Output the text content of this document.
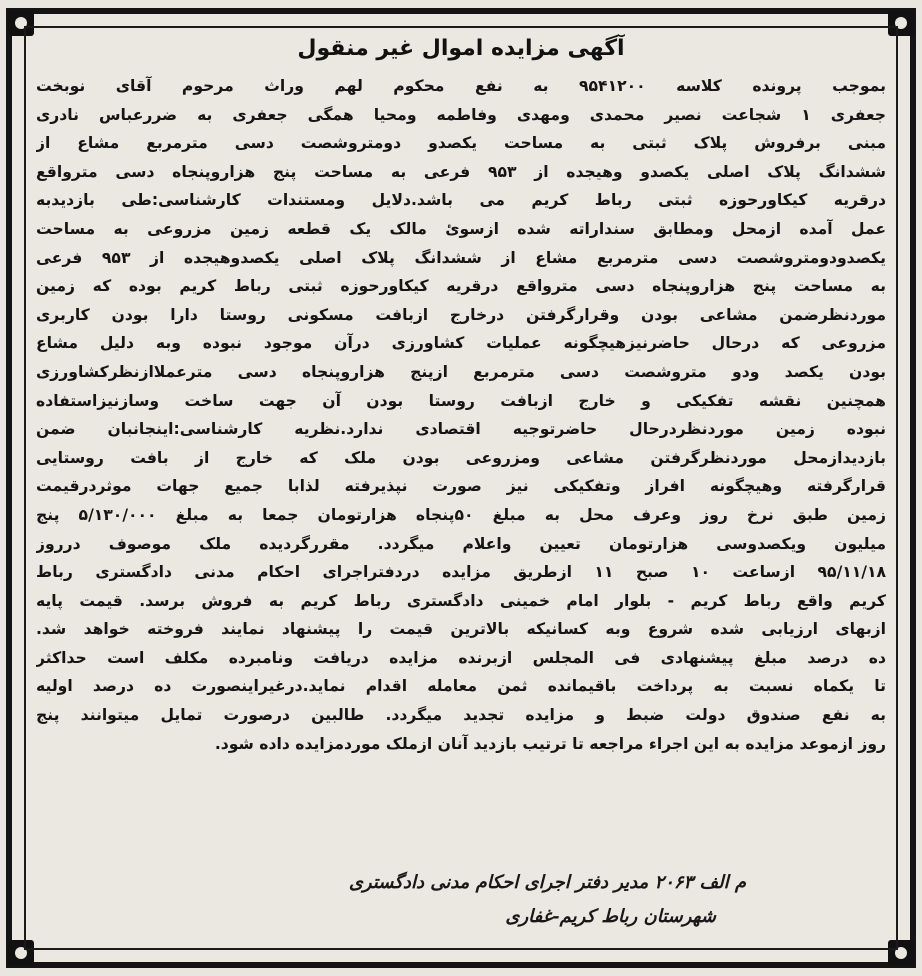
آگهی مزایده اموال غیر منقول
بموجب پرونده کلاسه ۹۵۴۱۲۰۰ به نفع محکوم لهم وراث مرحوم آقای نوبخت
جعفری ۱ شجاعت نصیر محمدی ومهدی وفاطمه ومحیا همگی جعفری به ضررعباس نادری
مبنی برفروش پلاک ثبتی به مساحت یکصدو دومتروشصت دسی مترمربع مشاع از
ششدانگ پلاک اصلی یکصدو وهیجده از ۹۵۳ فرعی به مساحت پنج هزاروپنجاه دسی مترواقع
درقریه کیکاورحوزه ثبتی رباط کریم می باشد.دلایل ومستندات کارشناسی:طی بازدیدبه
عمل آمده ازمحل ومطابق سنداراته شده ازسویٔ مالک یک قطعه زمین مزروعی به مساحت
یکصدودومتروشصت دسی مترمربع مشاع از ششدانگ پلاک اصلی یکصدوهیجده از ۹۵۳ فرعی
به مساحت پنج هزاروپنجاه دسی مترواقع درقریه کیکاورحوزه ثبتی رباط کریم بوده که زمین
موردنظرضمن مشاعی بودن وقرارگرفتن درخارج ازبافت مسکونی روستا دارا بودن کاربری
مزروعی که درحال حاضرنیزهیچگونه عملیات کشاورزی درآن موجود نبوده وبه دلیل مشاع
بودن یکصد ودو متروشصت دسی مترمربع ازپنج هزاروپنجاه دسی مترعملاازنظرکشاورزی
همچنین نقشه تفکیکی و خارج ازبافت روستا بودن آن جهت ساخت وسازنیزاستفاده
نبوده زمین موردنظردرحال حاضرتوجیه اقتصادی ندارد.نظریه کارشناسی:اینجانبان ضمن
بازدیدازمحل موردنظرگرفتن مشاعی ومزروعی بودن ملک که خارج از بافت روستایی
قرارگرفته وهیچگونه افراز وتفکیکی نیز صورت نپذیرفته لذابا جمیع جهات موثردرقیمت
زمین طبق نرخ روز وعرف محل به مبلغ ۵۰پنجاه هزارتومان جمعا به مبلغ ۵/۱۳۰/۰۰۰ پنج
میلیون ویکصدوسی هزارتومان تعیین واعلام میگردد. مقررگردیده ملک موصوف درروز
۹۵/۱۱/۱۸ ازساعت ۱۰ صبح ۱۱ ازطریق مزایده دردفتراجرای احکام مدنی دادگستری رباط
کریم واقع رباط کریم - بلوار امام خمینی دادگستری رباط کریم به فروش برسد. قیمت پایه
ازبهای ارزیابی شده شروع وبه کسانیکه بالاترین قیمت را پیشنهاد نمایند فروخته خواهد شد.
ده درصد مبلغ پیشنهادی فی المجلس ازبرنده مزایده دریافت ونامبرده مکلف است حداکثر
تا یکماه نسبت به پرداخت باقیمانده ثمن معامله اقدام نماید.درغیراینصورت ده درصد اولیه
به نفع صندوق دولت ضبط و مزایده تجدید میگردد. طالبین درصورت تمایل میتوانند پنج
روز ازموعد مزایده به این اجراء مراجعه تا ترتیب بازدید آنان ازملک موردمزایده داده شود.
م الف ۲۰۶۳ مدیر دفتر اجرای احکام مدنی دادگستری
شهرستان رباط کریم-غفاری
